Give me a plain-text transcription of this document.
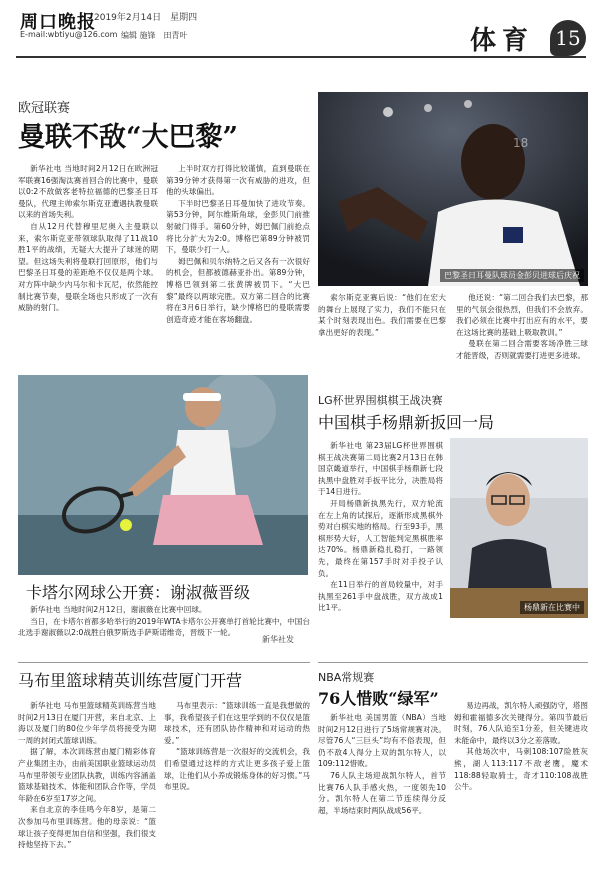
周口晚报
2019年2月14日　星期四
E-mail:wbtiyu@126.com 编辑 施锋　田青叶	体育 15
欧冠联赛
曼联不敌“大巴黎”

新华社电 当地时间2月12日在欧洲冠军联赛16强淘汰赛首回合的比赛中，曼联以0:2不敌做客老特拉福德的巴黎圣日耳曼队，代理主帅索尔斯克亚遭遇执教曼联以来的首场失利。

自从12月代替穆里尼奥入主曼联以来，索尔斯克亚带领球队取得了11战10胜1平的战绩，无疑大大提升了球迷的期望。但这场失利将曼联打回原形，他们与巴黎圣日耳曼的差距绝不仅仅是两个球。对方阵中缺少内马尔和卡瓦尼，依然能控制比赛节奏，曼联全场也只形成了一次有威胁的射门。

上半时双方打得比较谨慎，直到曼联在第39分钟才获得第一次有威胁的进攻，但他的头球偏出。

下半时巴黎圣日耳曼加快了进攻节奏。第53分钟，阿尔维斯角球，金彭贝门前推射破门得手。第60分钟，姆巴佩门前抢点将比分扩大为2:0。博格巴第89分钟被罚下，曼联少打一人。

姆巴佩和贝尔纳特之后又各有一次很好的机会，但都被德赫亚扑出。第89分钟，博格巴领到第二张黄牌被罚下。“大巴黎”最终以两球完胜。双方第二回合的比赛将在3月6日举行，缺少博格巴的曼联需要创造奇迹才能在客场翻盘。

18
巴黎圣日耳曼队球员金彭贝进球后庆祝

索尔斯克亚赛后说：“他们在宏大的舞台上展现了实力，我们不能只在某个时刻表现出色。我们需要在巴黎拿出更好的表现。”

他还说：“第二回合我们去巴黎，那里的气氛会很热烈，但我们不会放弃。我们必须在比赛中打出应有的水平，要在这场比赛的基础上吸取教训。”

曼联在第二回合需要客场净胜三球才能晋级，否则就需要打进更多进球。

卡塔尔网球公开赛：谢淑薇晋级

新华社电 当地时间2月12日，谢淑薇在比赛中回球。

当日，在卡塔尔首都多哈举行的2019年WTA卡塔尔公开赛单打首轮比赛中，中国台北选手谢淑薇以2:0战胜白俄罗斯选手萨斯诺维奇，晋级下一轮。

新华社发
LG杯世界围棋棋王战决赛
中国棋手杨鼎新扳回一局

新华社电 第23届LG杯世界围棋棋王战决赛第二局比赛2月13日在韩国京畿道举行，中国棋手杨鼎新七段执黑中盘胜对手扳平比分，决胜局将于14日进行。

开局杨鼎新执黑先行，双方轮流在左上角的试探后，逐渐形成黑棋外势对白棋实地的格局。行至93手，黑棋形势大好，人工智能判定黑棋胜率达70%。杨鼎新稳扎稳打，一路领先，最终在第157手时对手投子认负。

在11日举行的首局较量中，对手执黑至261手中盘战胜，双方战成1比1平。	杨鼎新在比赛中
马布里篮球精英训练营厦门开营

新华社电 马布里篮球精英训练营当地时间2月13日在厦门开营，来自北京、上海以及厦门的80位少年学员将接受为期一周的封闭式篮球训练。

据了解，本次训练营由厦门精彩体育产业集团主办，由前美国职业篮球运动员马布里带领专业团队执教，训练内容涵盖篮球基础技术、体能和团队合作等，学员年龄在6岁至17岁之间。

来自北京的李佳鸣今年8岁，是第二次参加马布里训练营。他的母亲说：“篮球让孩子变得更加自信和坚强，我们很支持他坚持下去。”

马布里表示：“篮球训练一直是我想做的事，我希望孩子们在这里学到的不仅仅是篮球技术，还有团队协作精神和对运动的热爱。”

“篮球训练营是一次很好的交流机会，我们希望通过这样的方式让更多孩子爱上篮球，让他们从小养成锻炼身体的好习惯。”马布里说。

NBA常规赛
76人惜败“绿军”

新华社电 美国男篮（NBA）当地时间2月12日进行了5场常规赛对决。尽管76人“三巨头”均有不俗表现，但仍不敌4人得分上双的凯尔特人，以109:112惜败。

76人队主场迎战凯尔特人，首节比赛76人队手感火热，一度领先10分。凯尔特人在第二节连续得分反超，半场结束时两队战成56平。

易边再战，凯尔特人顽强防守，塔图姆和霍福德多次关键得分。第四节最后时刻，76人队追至1分差，但关键进攻未能命中，最终以3分之差落败。

其他场次中，马刺108:107险胜灰熊，湖人113:117不敌老鹰，魔术118:88轻取骑士，奇才110:108战胜公牛。
